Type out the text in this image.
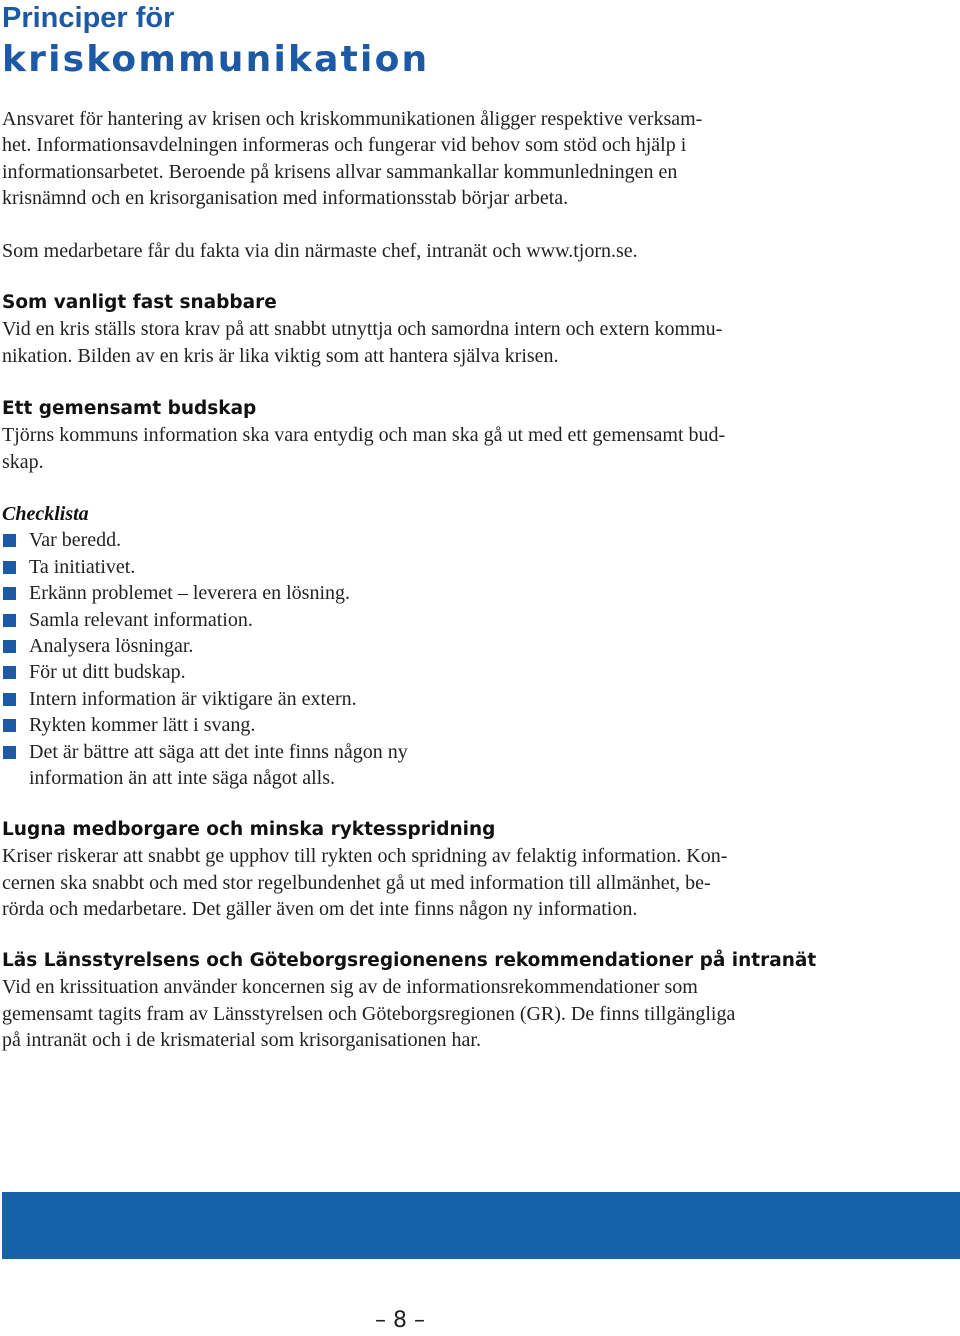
Principer för
kriskommunikation
Ansvaret för hantering av krisen och kriskommunikationen åligger respektive verksam-
het. Informationsavdelningen informeras och fungerar vid behov som stöd och hjälp i
informationsarbetet. Beroende på krisens allvar sammankallar kommunledningen en
krisnämnd och en krisorganisation med informationsstab börjar arbeta.
Som medarbetare får du fakta via din närmaste chef, intranät och www.tjorn.se.
Som vanligt fast snabbare
Vid en kris ställs stora krav på att snabbt utnyttja och samordna intern och extern kommu-
nikation. Bilden av en kris är lika viktig som att hantera själva krisen.
Ett gemensamt budskap
Tjörns kommuns information ska vara entydig och man ska gå ut med ett gemensamt bud-
skap.
Checklista
Var beredd.
Ta initiativet.
Erkänn problemet – leverera en lösning.
Samla relevant information.
Analysera lösningar.
För ut ditt budskap.
Intern information är viktigare än extern.
Rykten kommer lätt i svang.
Det är bättre att säga att det inte finns någon ny
information än att inte säga något alls.
Lugna medborgare och minska ryktesspridning
Kriser riskerar att snabbt ge upphov till rykten och spridning av felaktig information. Kon-
cernen ska snabbt och med stor regelbundenhet gå ut med information till allmänhet, be-
rörda och medarbetare. Det gäller även om det inte finns någon ny information.
Läs Länsstyrelsens och Göteborgsregionenens rekommendationer på intranät
Vid en krissituation använder koncernen sig av de informationsrekommendationer som
gemensamt tagits fram av Länsstyrelsen och Göteborgsregionen (GR). De finns tillgängliga
på intranät och i de krismaterial som krisorganisationen har.
– 8 –
